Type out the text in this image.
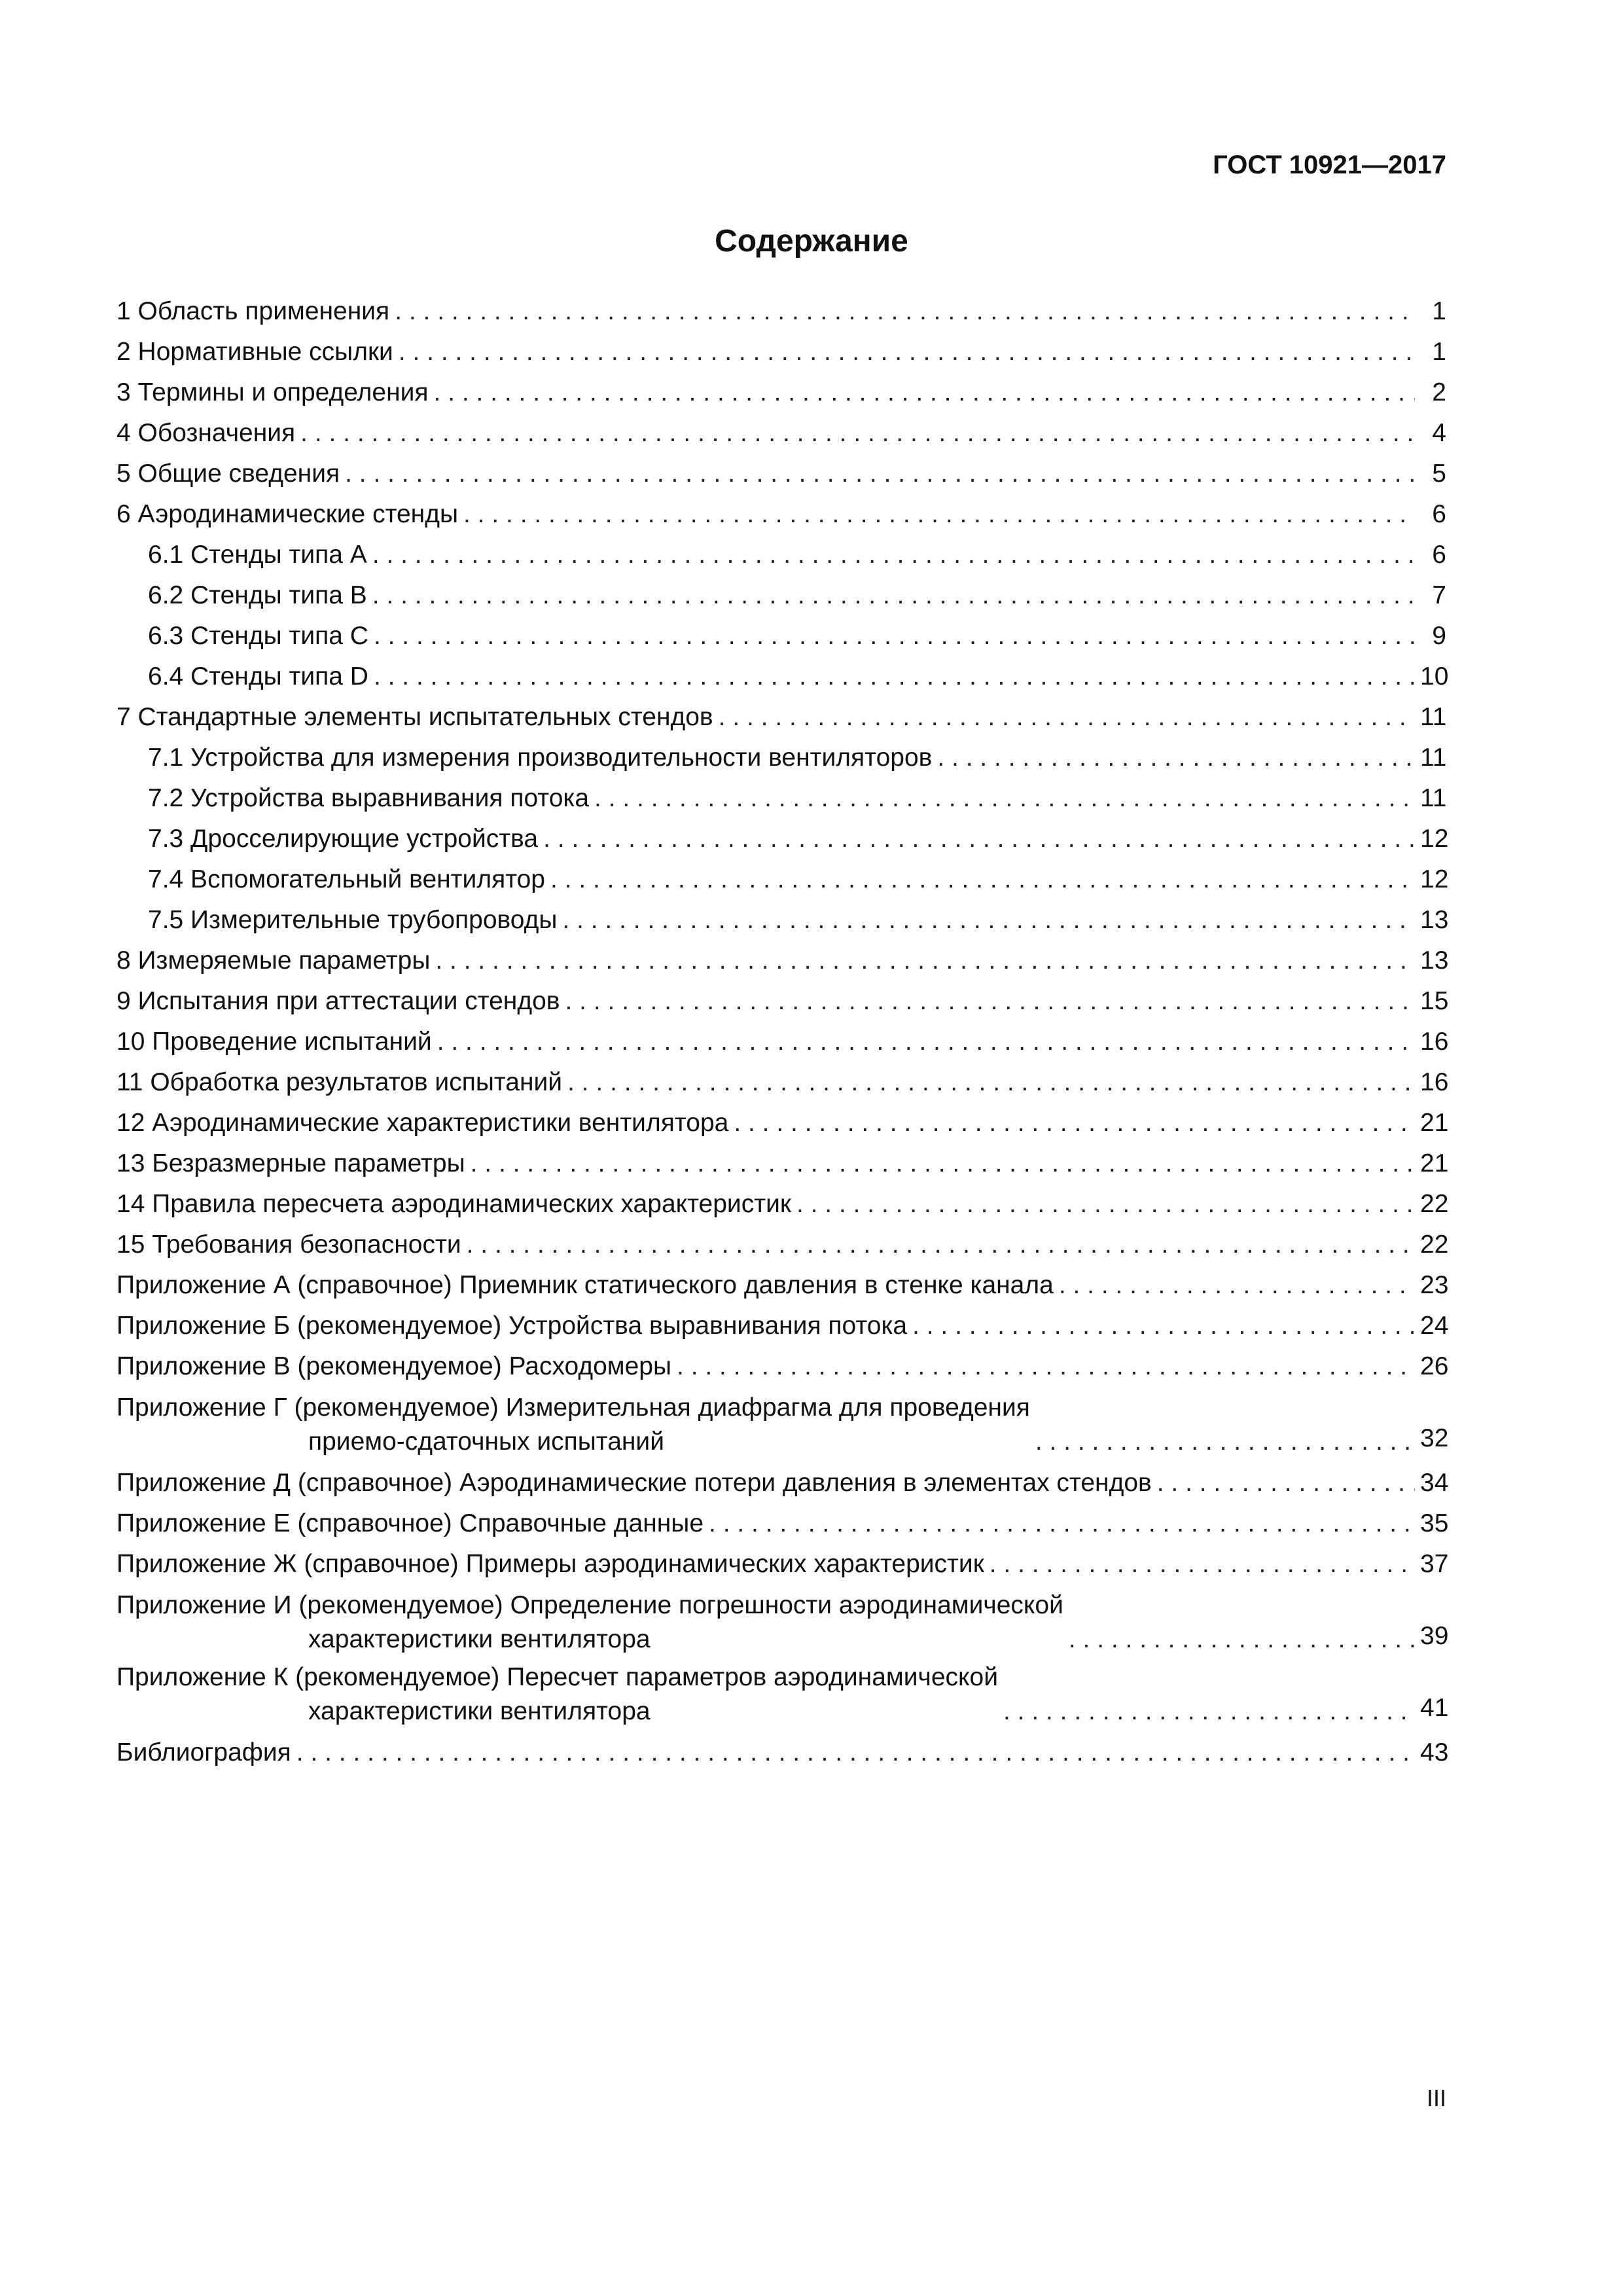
ГОСТ 10921—2017
Содержание
1 Область применения . . .	1
2 Нормативные ссылки . . .	1
3 Термины и определения . . .	2
4 Обозначения . . .	4
5 Общие сведения . . .	5
6 Аэродинамические стенды . . .	6
6.1 Стенды типа А . . .	6
6.2 Стенды типа В . . .	7
6.3 Стенды типа С . . .	9
6.4 Стенды типа D . . .	10
7 Стандартные элементы испытательных стендов . . .	11
7.1 Устройства для измерения производительности вентиляторов . . .	11
7.2 Устройства выравнивания потока . . .	11
7.3 Дросселирующие устройства . . .	12
7.4 Вспомогательный вентилятор . . .	12
7.5 Измерительные трубопроводы . . .	13
8 Измеряемые параметры . . .	13
9 Испытания при аттестации стендов . . .	15
10 Проведение испытаний . . .	16
11 Обработка результатов испытаний . . .	16
12 Аэродинамические характеристики вентилятора . . .	21
13 Безразмерные параметры . . .	21
14 Правила пересчета аэродинамических характеристик . . .	22
15 Требования безопасности . . .	22
Приложение А (справочное) Приемник статического давления в стенке канала . . .	23
Приложение Б (рекомендуемое) Устройства выравнивания потока . . .	24
Приложение В (рекомендуемое) Расходомеры . . .	26
Приложение Г (рекомендуемое) Измерительная диафрагма для проведения
приемо-сдаточных испытаний . . .	32
Приложение Д (справочное) Аэродинамические потери давления в элементах стендов . . .	34
Приложение Е (справочное) Справочные данные . . .	35
Приложение Ж (справочное) Примеры аэродинамических характеристик . . .	37
Приложение И (рекомендуемое) Определение погрешности аэродинамической
характеристики вентилятора . . .	39
Приложение К (рекомендуемое) Пересчет параметров аэродинамической
характеристики вентилятора . . .	41
Библиография . . .	43
III
